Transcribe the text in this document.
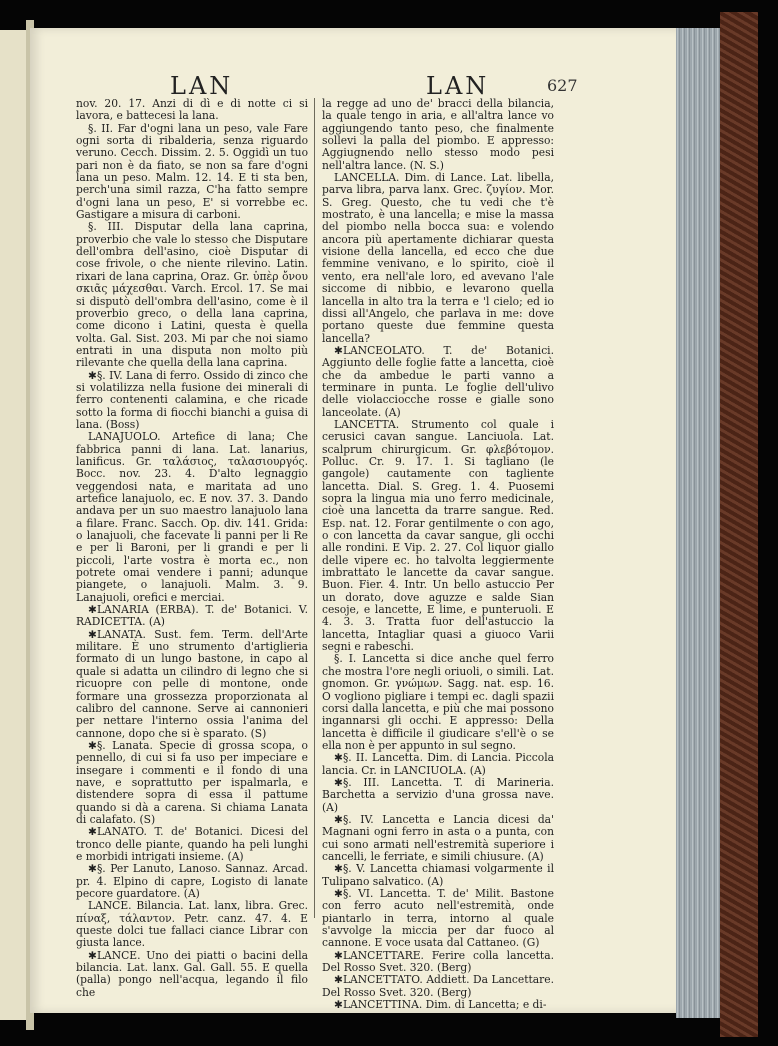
LAN	LAN	627

nov. 20. 17. Anzi di dì e di notte ci si lavora, e battecesi la lana.

§. II. Far d'ogni lana un peso, vale Fare ogni sorta di ribalderia, senza riguardo veruno. Cecch. Dissim. 2. 5. Oggidì un tuo pari non è da fiato, se non sa fare d'ogni lana un peso. Malm. 12. 14. E ti sta ben, perch'una simil razza, C'ha fatto sempre d'ogni lana un peso, E' si vorrebbe ec. Gastigare a misura di carboni.

§. III. Disputar della lana caprina, proverbio che vale lo stesso che Disputare dell'ombra dell'asino, cioè Disputar di cose frivole, o che niente rilevino. Latin. rixari de lana caprina, Oraz. Gr. ὑπὲρ ὄνου σκιᾶς μάχεσθαι. Varch. Ercol. 17. Se mai si disputò dell'ombra dell'asino, come è il proverbio greco, o della lana caprina, come dicono i Latini, questa è quella volta. Gal. Sist. 203. Mi par che noi siamo entrati in una disputa non molto più rilevante che quella della lana caprina.

✱§. IV. Lana di ferro. Ossido di zinco che si volatilizza nella fusione dei minerali di ferro contenenti calamina, e che ricade sotto la forma di fiocchi bianchi a guisa di lana. (Boss)

LANAJUOLO. Artefice di lana; Che fabbrica panni di lana. Lat. lanarius, lanificus. Gr. ταλάσιος, ταλασιουργός. Bocc. nov. 23. 4. D'alto legnaggio veggendosi nata, e maritata ad uno artefice lanajuolo, ec. E nov. 37. 3. Dando andava per un suo maestro lanajuolo lana a filare. Franc. Sacch. Op. div. 141. Grida: o lanajuoli, che facevate li panni per li Re e per li Baroni, per li grandi e per li piccoli, l'arte vostra è morta ec., non potrete omai vendere i panni; adunque piangete, o lanajuoli. Malm. 3. 9. Lanajuoli, orefici e merciai.

✱LANARIA (ERBA). T. de' Botanici. V. RADICETTA. (A)

✱LANATA. Sust. fem. Term. dell'Arte militare. È uno strumento d'artiglieria formato di un lungo bastone, in capo al quale si adatta un cilindro di legno che si ricuopre con pelle di montone, onde formare una grossezza proporzionata al calibro del cannone. Serve ai cannonieri per nettare l'interno ossia l'anima del cannone, dopo che si è sparato. (S)

✱§. Lanata. Specie di grossa scopa, o pennello, di cui si fa uso per impeciare e insegare i commenti e il fondo di una nave, e soprattutto per ispalmarla, e distendere sopra di essa il pattume quando si dà a carena. Si chiama Lanata di calafato. (S)

✱LANATO. T. de' Botanici. Dicesi del tronco delle piante, quando ha peli lunghi e morbidi intrigati insieme. (A)

✱§. Per Lanuto, Lanoso. Sannaz. Arcad. pr. 4. Elpino di capre, Logisto di lanate pecore guardatore. (A)

LANCE. Bilancia. Lat. lanx, libra. Grec. πίναξ, τάλαντον. Petr. canz. 47. 4. E queste dolci tue fallaci ciance Librar con giusta lance.

✱LANCE. Uno dei piatti o bacini della bilancia. Lat. lanx. Gal. Gall. 55. E quella (palla) pongo nell'acqua, legando il filo che

la regge ad uno de' bracci della bilancia, la quale tengo in aria, e all'altra lance vo aggiungendo tanto peso, che finalmente sollevi la palla del piombo. E appresso: Aggiugnendo nello stesso modo pesi nell'altra lance. (N. S.)

LANCELLA. Dim. di Lance. Lat. libella, parva libra, parva lanx. Grec. ζυγίον. Mor. S. Greg. Questo, che tu vedi che t'è mostrato, è una lancella; e mise la massa del piombo nella bocca sua: e volendo ancora più apertamente dichiarar questa visione della lancella, ed ecco che due femmine venivano, e lo spirito, cioè il vento, era nell'ale loro, ed avevano l'ale siccome di nibbio, e levarono quella lancella in alto tra la terra e 'l cielo; ed io dissi all'Angelo, che parlava in me: dove portano queste due femmine questa lancella?

✱LANCEOLATO. T. de' Botanici. Aggiunto delle foglie fatte a lancetta, cioè che da ambedue le parti vanno a terminare in punta. Le foglie dell'ulivo delle violacciocche rosse e gialle sono lanceolate. (A)

LANCETTA. Strumento col quale i cerusici cavan sangue. Lanciuola. Lat. scalprum chirurgicum. Gr. φλεβότομον. Polluc. Cr. 9. 17. 1. Si tagliano (le gangole) cautamente con tagliente lancetta. Dial. S. Greg. 1. 4. Puosemi sopra la lingua mia uno ferro medicinale, cioè una lancetta da trarre sangue. Red. Esp. nat. 12. Forar gentilmente o con ago, o con lancetta da cavar sangue, gli occhi alle rondini. E Vip. 2. 27. Col liquor giallo delle vipere ec. ho talvolta leggiermente imbrattato le lancette da cavar sangue. Buon. Fier. 4. Intr. Un bello astuccio Per un dorato, dove aguzze e salde Sian cesoje, e lancette, E lime, e punteruoli. E 4. 3. 3. Tratta fuor dell'astuccio la lancetta, Intagliar quasi a giuoco Varii segni e rabeschi.

§. I. Lancetta si dice anche quel ferro che mostra l'ore negli oriuoli, o simili. Lat. gnomon. Gr. γνώμων. Sagg. nat. esp. 16. O vogliono pigliare i tempi ec. dagli spazii corsi dalla lancetta, e più che mai possono ingannarsi gli occhi. E appresso: Della lancetta è difficile il giudicare s'ell'è o se ella non è per appunto in sul segno.

✱§. II. Lancetta. Dim. di Lancia. Piccola lancia. Cr. in LANCIUOLA. (A)

✱§. III. Lancetta. T. di Marineria. Barchetta a servizio d'una grossa nave. (A)

✱§. IV. Lancetta e Lancia dicesi da' Magnani ogni ferro in asta o a punta, con cui sono armati nell'estremità superiore i cancelli, le ferriate, e simili chiusure. (A)

✱§. V. Lancetta chiamasi volgarmente il Tulipano salvatico. (A)

✱§. VI. Lancetta. T. de' Milit. Bastone con ferro acuto nell'estremità, onde piantarlo in terra, intorno al quale s'avvolge la miccia per dar fuoco al cannone. E voce usata dal Cattaneo. (G)

✱LANCETTARE. Ferire colla lancetta. Del Rosso Svet. 320. (Berg)

✱LANCETTATO. Addiett. Da Lancettare. Del Rosso Svet. 320. (Berg)

✱LANCETTINA. Dim. di Lancetta; e di-
